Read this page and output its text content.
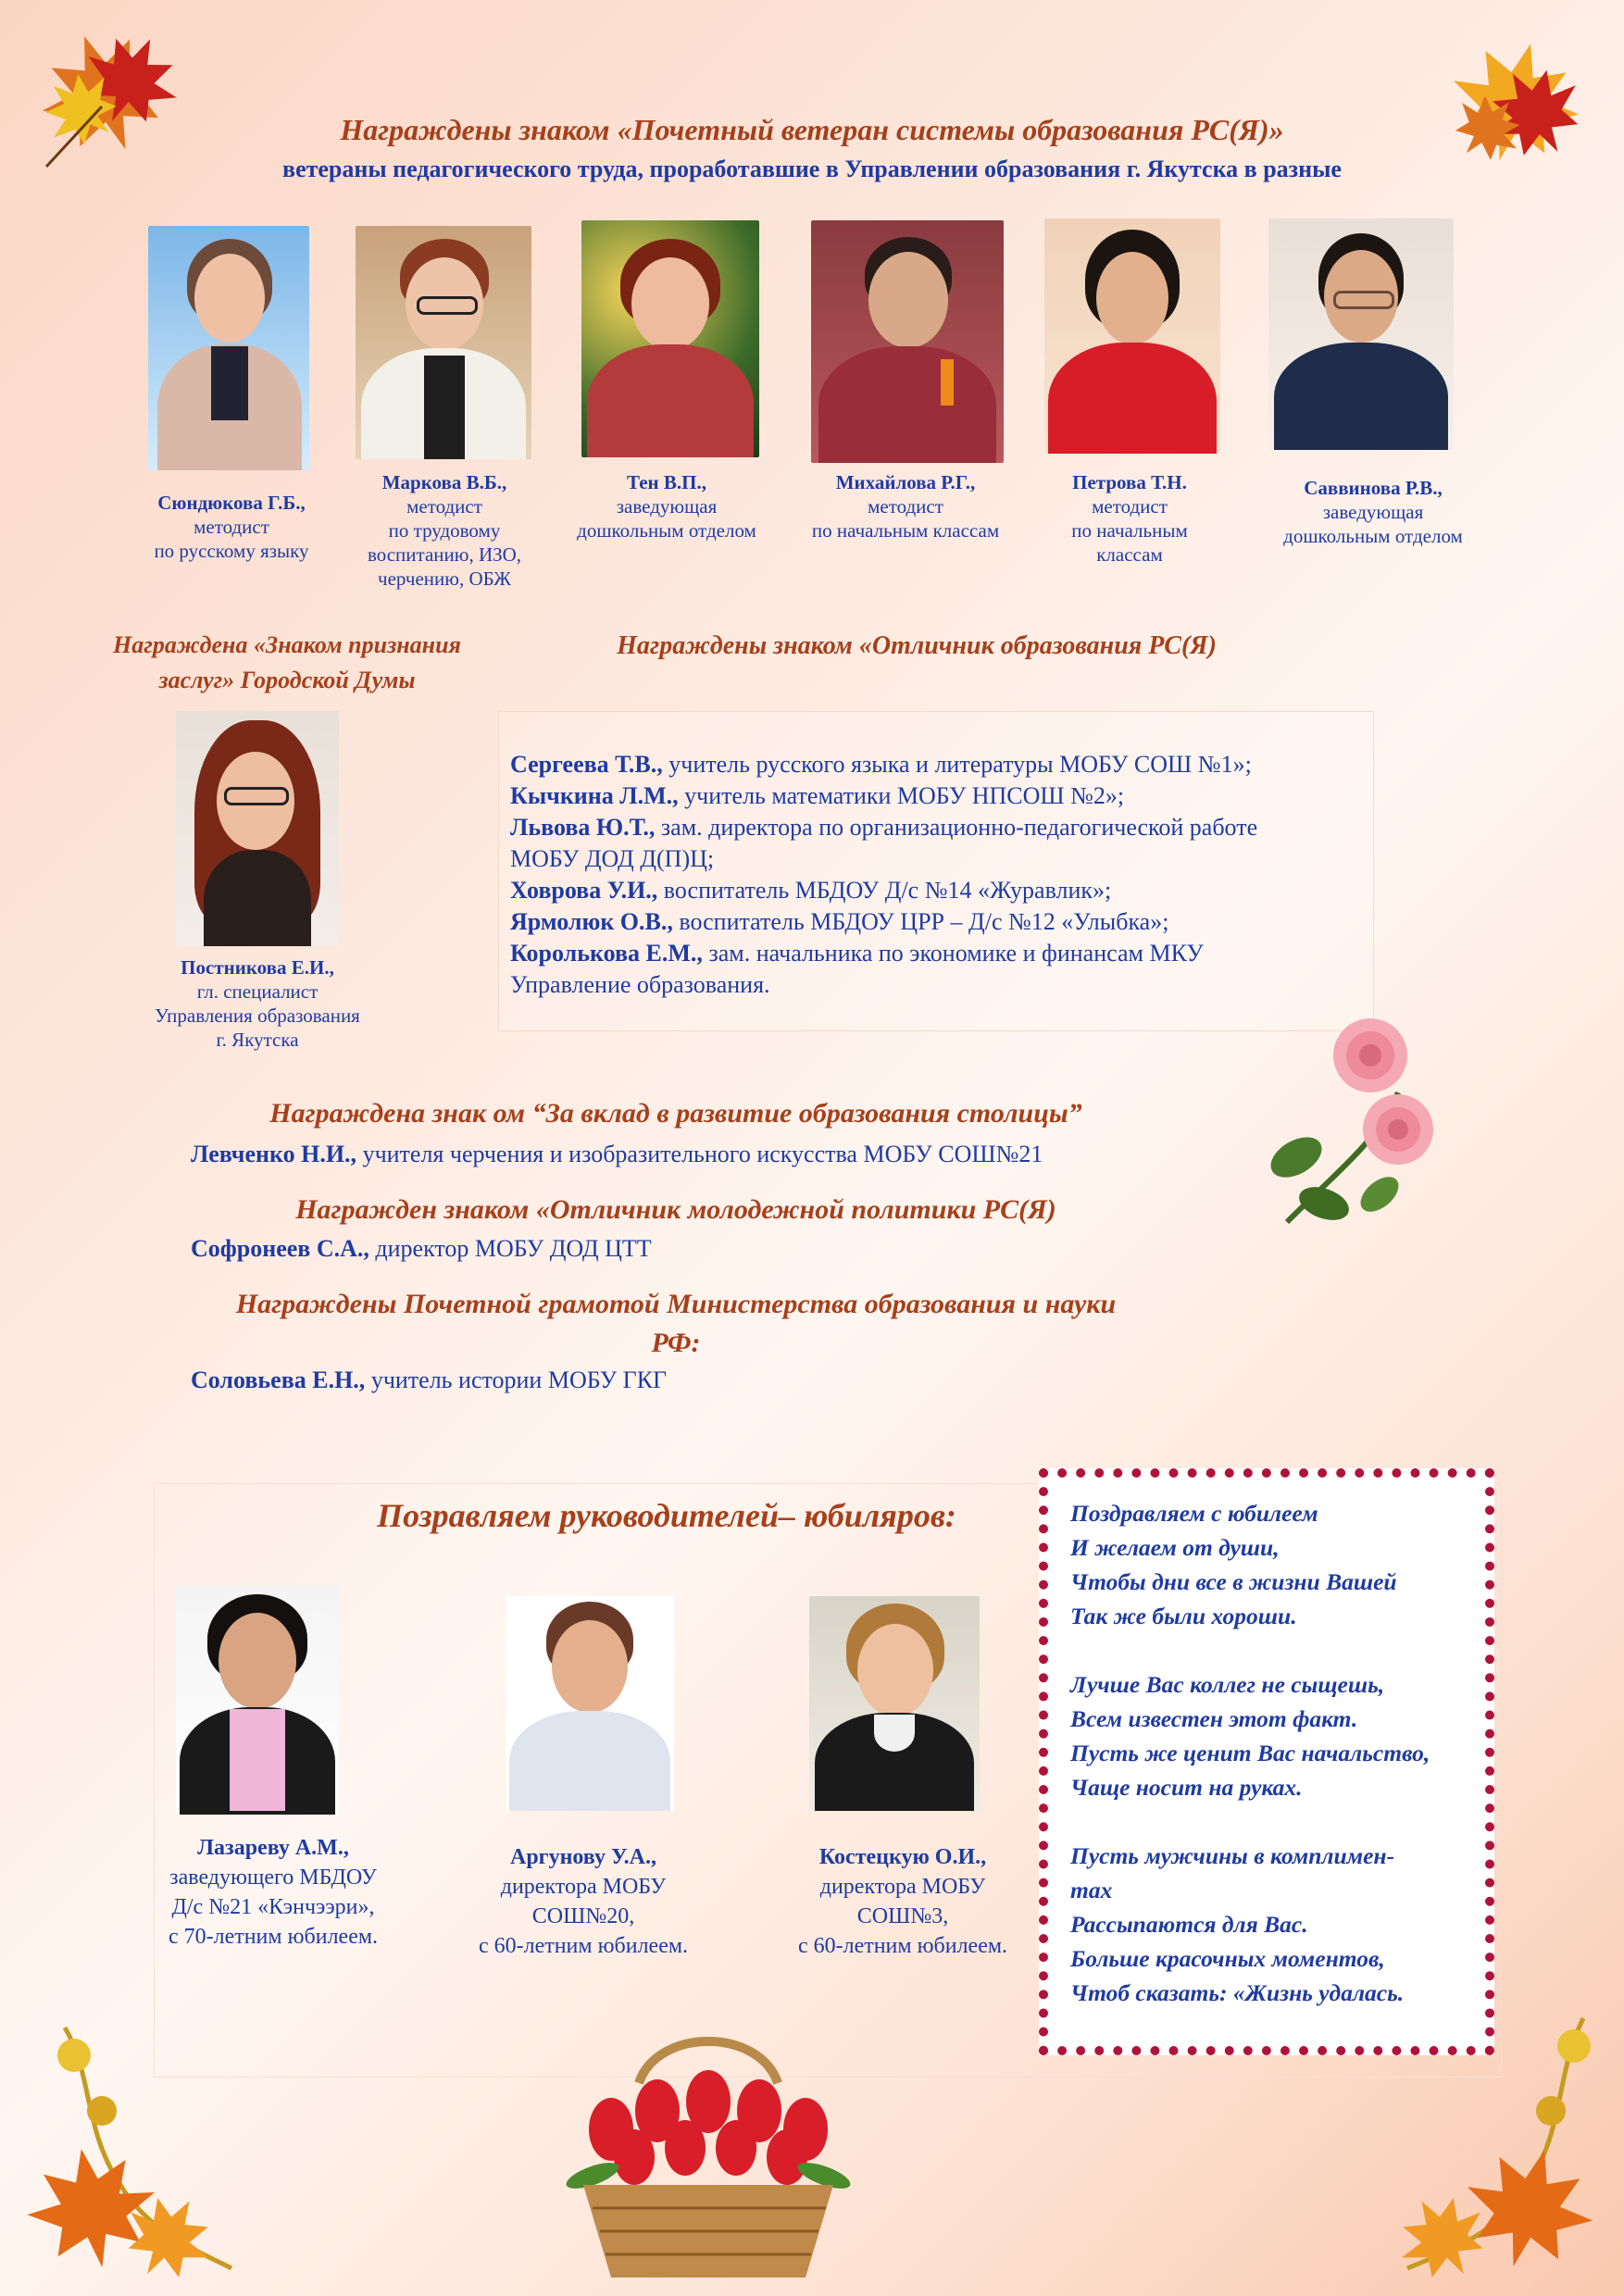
Награждены знаком «Почетный ветеран системы образования РС(Я)»
ветераны педагогического труда, проработавшие в Управлении образования г. Якутска в разные
Сюндюкова Г.Б.,
методист
по русскому языку
Маркова В.Б.,
методист
по трудовому
воспитанию, ИЗО,
черчению, ОБЖ
Тен В.П.,
заведующая
дошкольным отделом
Михайлова Р.Г.,
методист
по начальным классам
Петрова Т.Н.
методист
по начальным
классам
Саввинова Р.В.,
заведующая
дошкольным отделом
Награждена «Знаком признания
заслуг» Городской Думы
Постникова Е.И.,
гл. специалист
Управления образования
г. Якутска
Награждены знаком «Отличник образования РС(Я)
Сергеева Т.В., учитель русского языка и литературы МОБУ СОШ №1»;
Кычкина Л.М., учитель математики МОБУ НПСОШ №2»;
Львова Ю.Т., зам. директора по организационно-педагогической работе
МОБУ ДОД Д(П)Ц;
Ховрова У.И., воспитатель МБДОУ Д/с №14 «Журавлик»;
Ярмолюк О.В., воспитатель МБДОУ ЦРР – Д/с №12 «Улыбка»;
Королькова Е.М., зам. начальника по экономике и финансам МКУ
Управление образования.
Награждена знак ом “За вклад в развитие образования столицы”
Левченко Н.И., учителя черчения и изобразительного искусства МОБУ СОШ№21
Награжден знаком «Отличник молодежной политики РС(Я)
Софронеев С.А., директор МОБУ ДОД ЦТТ
Награждены Почетной грамотой Министерства образования и науки
РФ:
Соловьева Е.Н., учитель истории МОБУ ГКГ
Позравляем руководителей– юбиляров:
Лазареву А.М.,
заведующего МБДОУ
Д/с №21 «Кэнчээри»,
с 70-летним юбилеем.
Аргунову У.А.,
директора МОБУ
СОШ№20,
с 60-летним юбилеем.
Костецкую О.И.,
директора МОБУ
СОШ№3,
с 60-летним юбилеем.
Поздравляем с юбилеем
И желаем от души,
Чтобы дни все в жизни Вашей
Так же были хороши.
Лучше Вас коллег не сыщешь,
Всем известен этот факт.
Пусть же ценит Вас начальство,
Чаще носит на руках.
Пусть мужчины в комплимен-
тах
Рассыпаются для Вас.
Больше красочных моментов,
Чтоб сказать: «Жизнь удалась.
